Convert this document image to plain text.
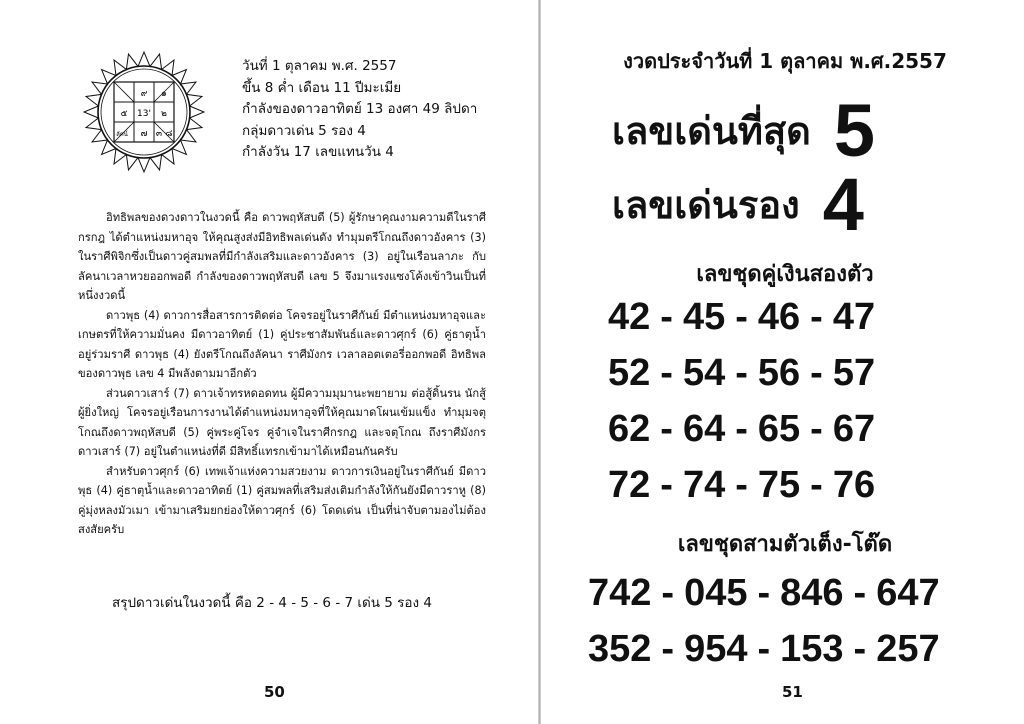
๙ ๑
๕ 13' ๒
ลัคน์ ๗ ๓ ๘
วันที่ 1 ตุลาคม พ.ศ. 2557
ขึ้น 8 ค่ำ เดือน 11 ปีมะเมีย
กำลังของดาวอาทิตย์ 13 องศา 49 ลิปดา
กลุ่มดาวเด่น 5 รอง 4
กำลังวัน 17 เลขแทนวัน 4

อิทธิพลของดวงดาวในงวดนี้ คือ ดาวพฤหัสบดี (5) ผู้รักษาคุณงามความดีในราศีกรกฎ ได้ตำแหน่งมหาอุจ ให้คุณสูงส่งมีอิทธิพลเด่นดัง ทำมุมตรีโกณถึงดาวอังคาร (3) ในราศีพิจิกซึ่งเป็นดาวคู่สมพลที่มีกำลังเสริมและดาวอังคาร (3) อยู่ในเรือนลาภะ กับลัคนาเวลาหวยออกพอดี กำลังของดาวพฤหัสบดี เลข 5 จึงมาแรงแซงโค้งเข้าวินเป็นที่หนึ่งงวดนี้

ดาวพุธ (4) ดาวการสื่อสารการติดต่อ โคจรอยู่ในราศีกันย์ มีตำแหน่งมหาอุจและเกษตรที่ให้ความมั่นคง มีดาวอาทิตย์ (1) คู่ประชาสัมพันธ์และดาวศุกร์ (6) คู่ธาตุน้ำอยู่ร่วมราศี ดาวพุธ (4) ยังตรีโกณถึงลัคนา ราศีมังกร เวลาลอตเตอรี่ออกพอดี อิทธิพลของดาวพุธ เลข 4 มีพลังตามมาอีกตัว

ส่วนดาวเสาร์ (7) ดาวเจ้าทรหดอดทน ผู้มีความมุมานะพยายาม ต่อสู้ดิ้นรน นักสู้ผู้ยิ่งใหญ่ โคจรอยู่เรือนการงานได้ตำแหน่งมหาอุจที่ให้คุณมาดโผนเข้มแข็ง ทำมุมจตุโกณถึงดาวพฤหัสบดี (5) คู่พระคู่โจร คู่จำเจในราศีกรกฎ และจตุโกณ ถึงราศีมังกร ดาวเสาร์ (7) อยู่ในตำแหน่งที่ดี มีสิทธิ์แทรกเข้ามาได้เหมือนกันครับ

สำหรับดาวศุกร์ (6) เทพเจ้าแห่งความสวยงาม ดาวการเงินอยู่ในราศีกันย์ มีดาวพุธ (4) คู่ธาตุน้ำและดาวอาทิตย์ (1) คู่สมพลที่เสริมส่งเติมกำลังให้กันยังมีดาวราหู (8) คู่มุ่งหลงมัวเมา เข้ามาเสริมยกย่องให้ดาวศุกร์ (6) โดดเด่น เป็นที่น่าจับตามองไม่ต้องสงสัยครับ

สรุปดาวเด่นในงวดนี้ คือ 2 - 4 - 5 - 6 - 7 เด่น 5 รอง 4
50
งวดประจำวันที่ 1 ตุลาคม พ.ศ.2557
เลขเด่นที่สุด 5
เลขเด่นรอง 4
เลขชุดคู่เงินสองตัว
42 - 45 - 46 - 47
52 - 54 - 56 - 57
62 - 64 - 65 - 67
72 - 74 - 75 - 76
เลขชุดสามตัวเต็ง-โต๊ด
742 - 045 - 846 - 647
352 - 954 - 153 - 257
51
